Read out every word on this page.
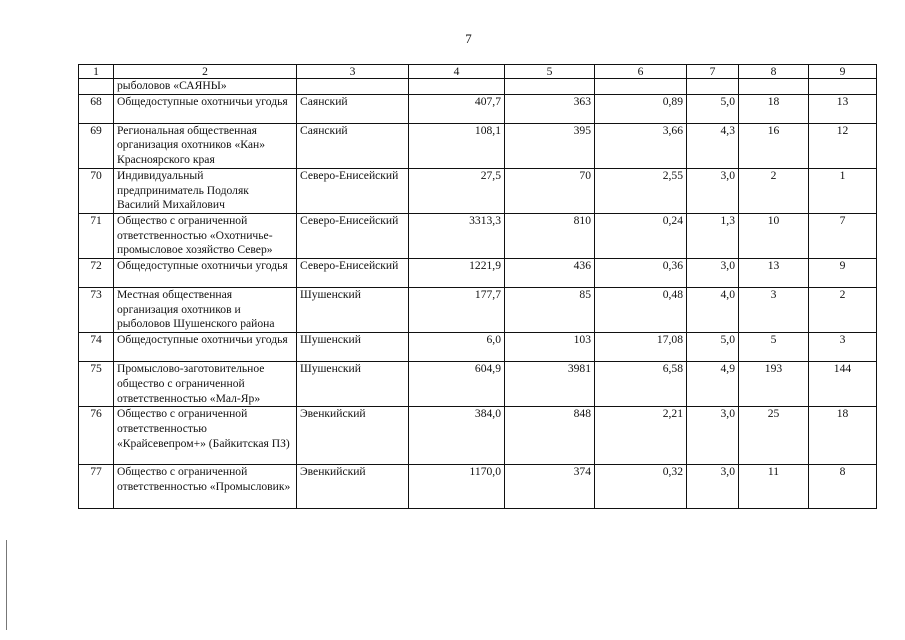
7
1	2	3	4	5	6	7	8	9
	рыболовов «САЯНЫ»							
68	Общедоступные охотничьи угодья	Саянский	407,7	363	0,89	5,0	18	13
69	Региональная общественная организация охотников «Кан» Красноярского края	Саянский	108,1	395	3,66	4,3	16	12
70	Индивидуальный предприниматель Подоляк Василий Михайлович	Северо-Енисейский	27,5	70	2,55	3,0	2	1
71	Общество с ограниченной ответственностью «Охотничье-промысловое хозяйство Север»	Северо-Енисейский	3313,3	810	0,24	1,3	10	7
72	Общедоступные охотничьи угодья	Северо-Енисейский	1221,9	436	0,36	3,0	13	9
73	Местная общественная организация охотников и рыболовов Шушенского района	Шушенский	177,7	85	0,48	4,0	3	2
74	Общедоступные охотничьи угодья	Шушенский	6,0	103	17,08	5,0	5	3
75	Промыслово-заготовительное общество с ограниченной ответственностью «Мал-Яр»	Шушенский	604,9	3981	6,58	4,9	193	144
76	Общество с ограниченной ответственностью «Крайсевепром+» (Байкитская ПЗ)	Эвенкийский	384,0	848	2,21	3,0	25	18
77	Общество с ограниченной ответственностью «Промысловик»	Эвенкийский	1170,0	374	0,32	3,0	11	8
